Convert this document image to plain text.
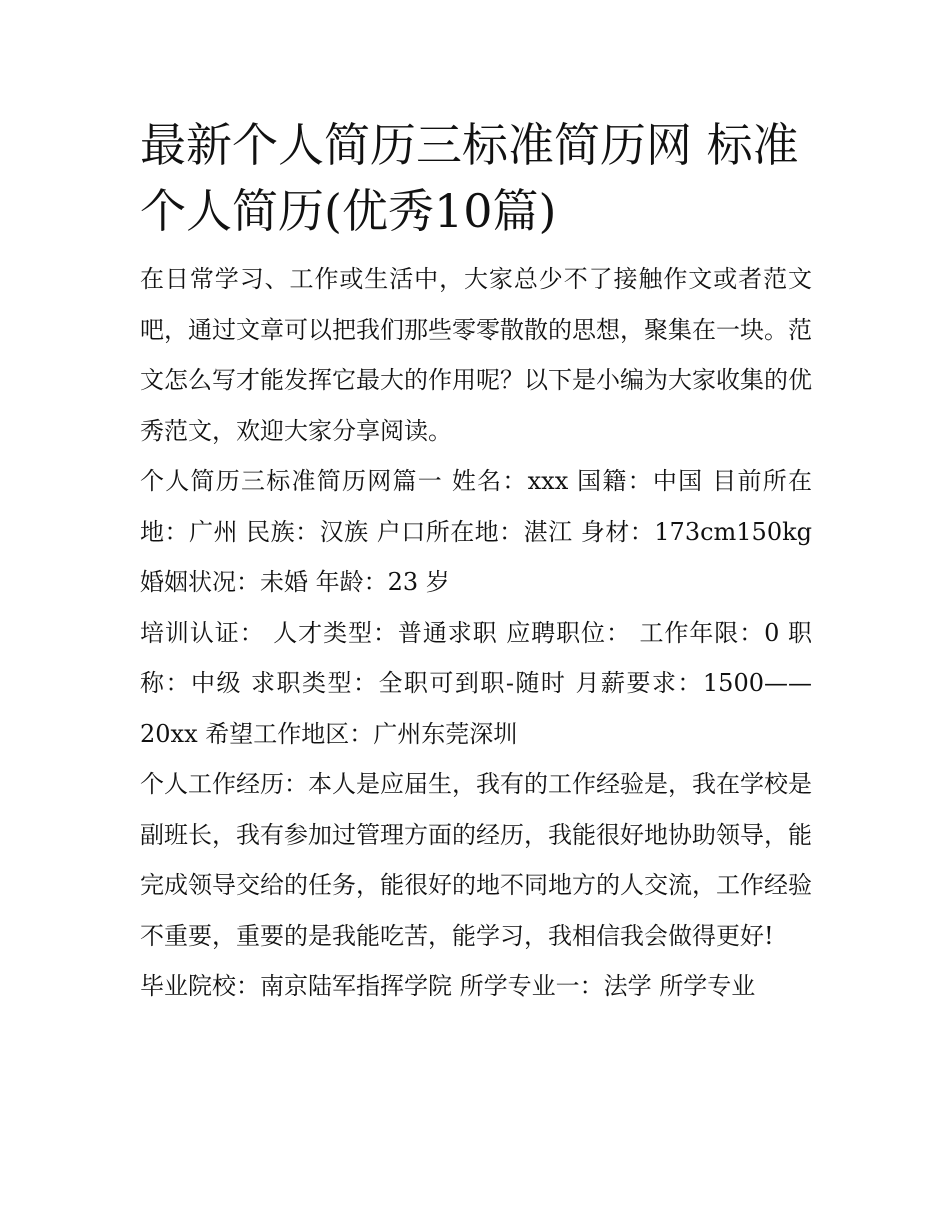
最新个人简历三标准简历网 标准个人简历(优秀10篇)

在日常学习、工作或生活中，大家总少不了接触作文或者范文吧，通过文章可以把我们那些零零散散的思想，聚集在一块。范文怎么写才能发挥它最大的作用呢？以下是小编为大家收集的优秀范文，欢迎大家分享阅读。

个人简历三标准简历网篇一 姓名：xxx 国籍：中国 目前所在地：广州 民族：汉族 户口所在地：湛江 身材：173cm150kg 婚姻状况：未婚 年龄：23 岁

培训认证： 人才类型：普通求职 应聘职位： 工作年限：0 职称：中级 求职类型：全职可到职-随时 月薪要求：1500——20xx 希望工作地区：广州东莞深圳

个人工作经历：本人是应届生，我有的工作经验是，我在学校是副班长，我有参加过管理方面的经历，我能很好地协助领导，能完成领导交给的任务，能很好的地不同地方的人交流，工作经验不重要，重要的是我能吃苦，能学习，我相信我会做得更好!

毕业院校：南京陆军指挥学院 所学专业一：法学 所学专业
